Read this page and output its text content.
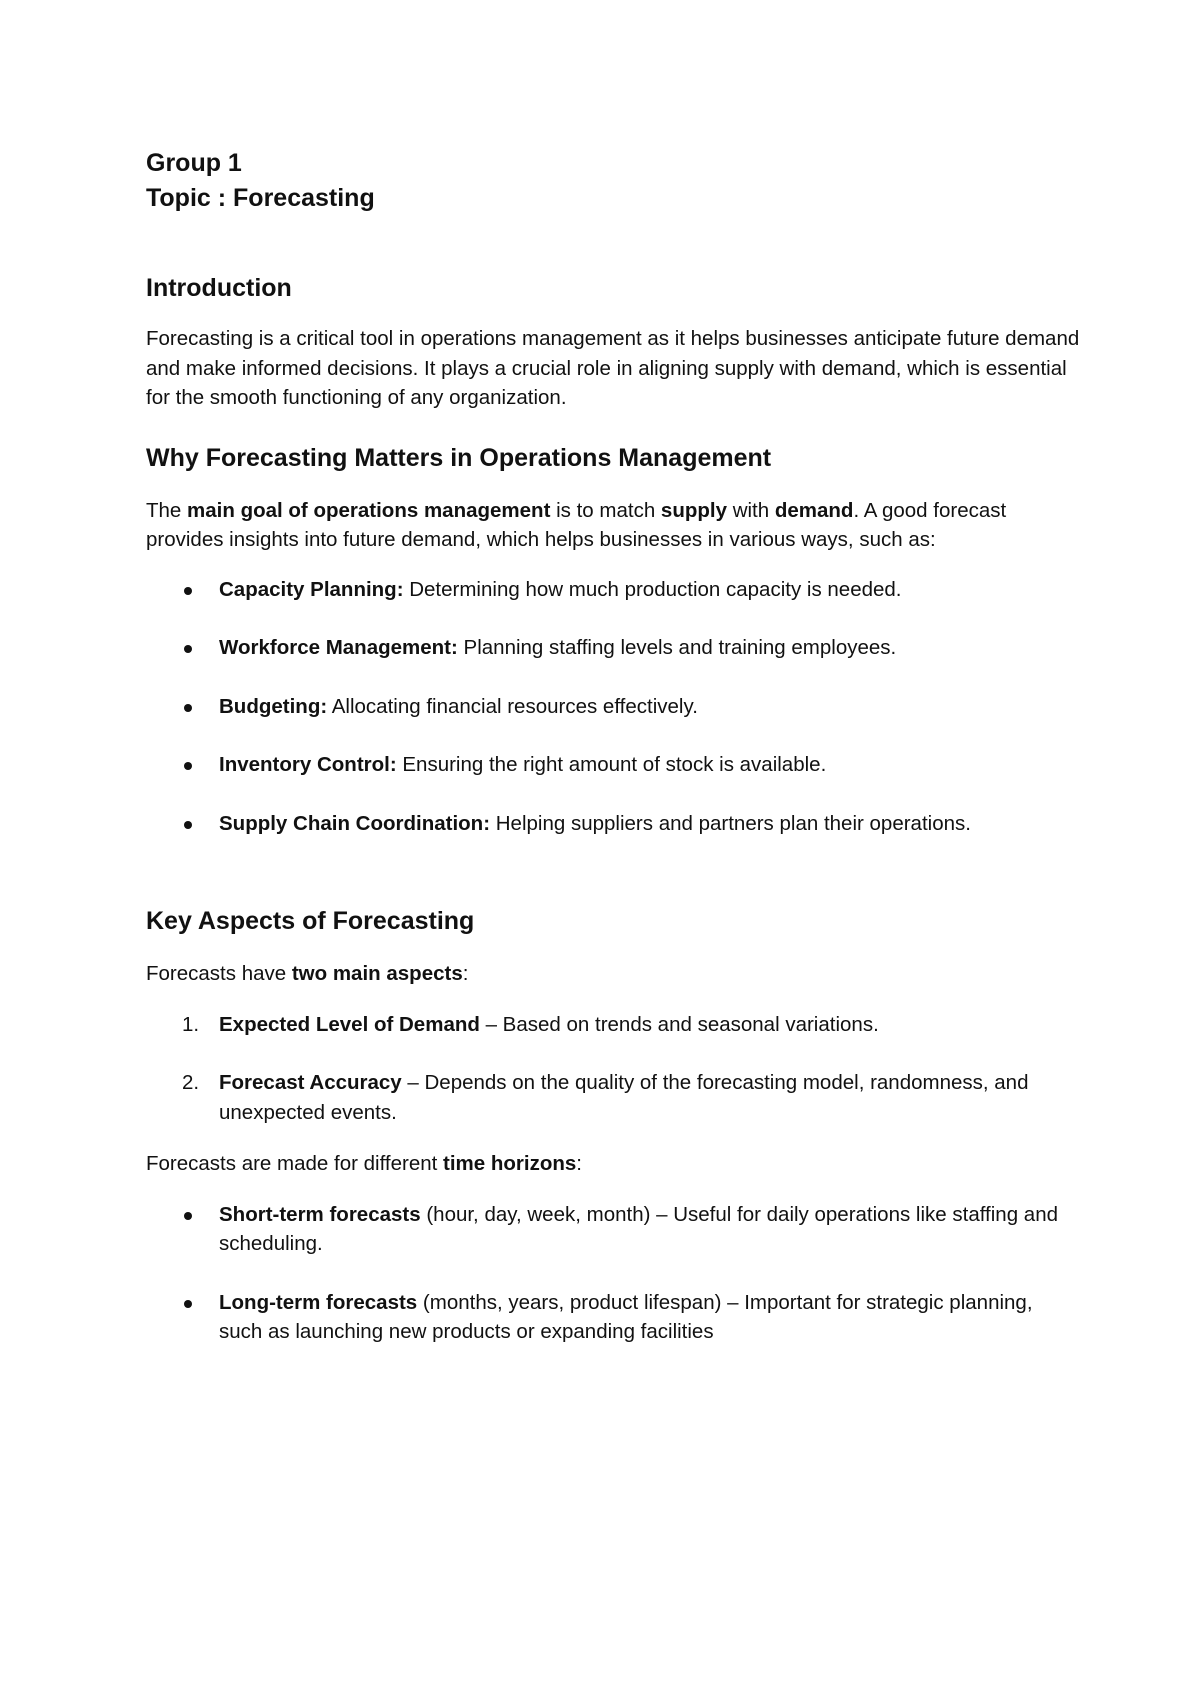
Group 1

Topic : Forecasting

Introduction

Forecasting is a critical tool in operations management as it helps businesses anticipate future demand and make informed decisions. It plays a crucial role in aligning supply with demand, which is essential for the smooth functioning of any organization.

Why Forecasting Matters in Operations Management

The main goal of operations management is to match supply with demand. A good forecast provides insights into future demand, which helps businesses in various ways, such as:

Capacity Planning: Determining how much production capacity is needed.
Workforce Management: Planning staffing levels and training employees.
Budgeting: Allocating financial resources effectively.
Inventory Control: Ensuring the right amount of stock is available.
Supply Chain Coordination: Helping suppliers and partners plan their operations.
Key Aspects of Forecasting

Forecasts have two main aspects:

1. Expected Level of Demand – Based on trends and seasonal variations.
2. Forecast Accuracy – Depends on the quality of the forecasting model, randomness, and unexpected events.

Forecasts are made for different time horizons:

Short-term forecasts (hour, day, week, month) – Useful for daily operations like staffing and scheduling.
Long-term forecasts (months, years, product lifespan) – Important for strategic planning, such as launching new products or expanding facilities
